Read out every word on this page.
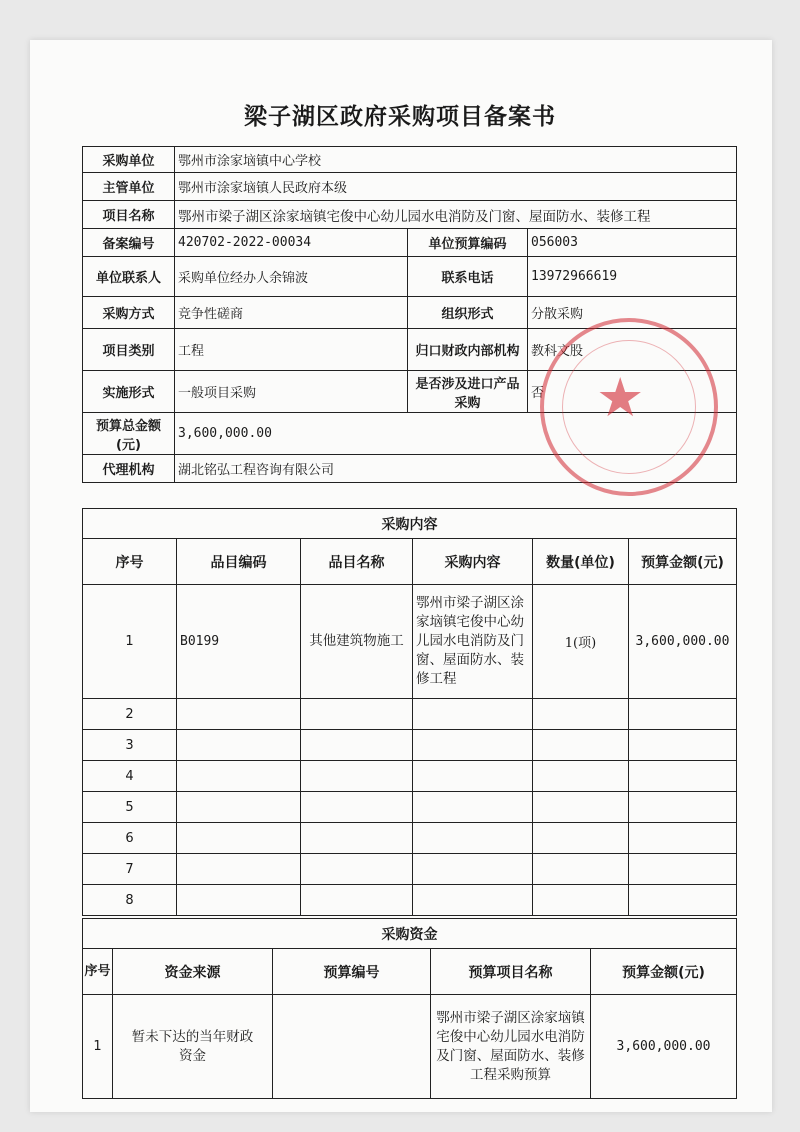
梁子湖区政府采购项目备案书
采购单位	鄂州市涂家垴镇中心学校		
主管单位	鄂州市涂家垴镇人民政府本级		
项目名称	鄂州市梁子湖区涂家垴镇宅俊中心幼儿园水电消防及门窗、屋面防水、装修工程		
备案编号	420702-2022-00034	单位预算编码	056003
单位联系人	采购单位经办人余锦波	联系电话	13972966619
采购方式	竞争性磋商	组织形式	分散采购
项目类别	工程	归口财政内部机构	教科文股
实施形式	一般项目采购	是否涉及进口产品采购	否
预算总金额(元)	3,600,000.00		
代理机构	湖北铭弘工程咨询有限公司		
采购内容					
序号	品目编码	品目名称	采购内容	数量(单位)	预算金额(元)
1	B0199	其他建筑物施工	鄂州市梁子湖区涂家垴镇宅俊中心幼儿园水电消防及门窗、屋面防水、装修工程	1(项)	3,600,000.00
2					
3					
4					
5					
6					
7					
8					
采购资金				
序号	资金来源	预算编号	预算项目名称	预算金额(元)
1	暂未下达的当年财政资金		鄂州市梁子湖区涂家垴镇宅俊中心幼儿园水电消防及门窗、屋面防水、装修工程采购预算	3,600,000.00
★
